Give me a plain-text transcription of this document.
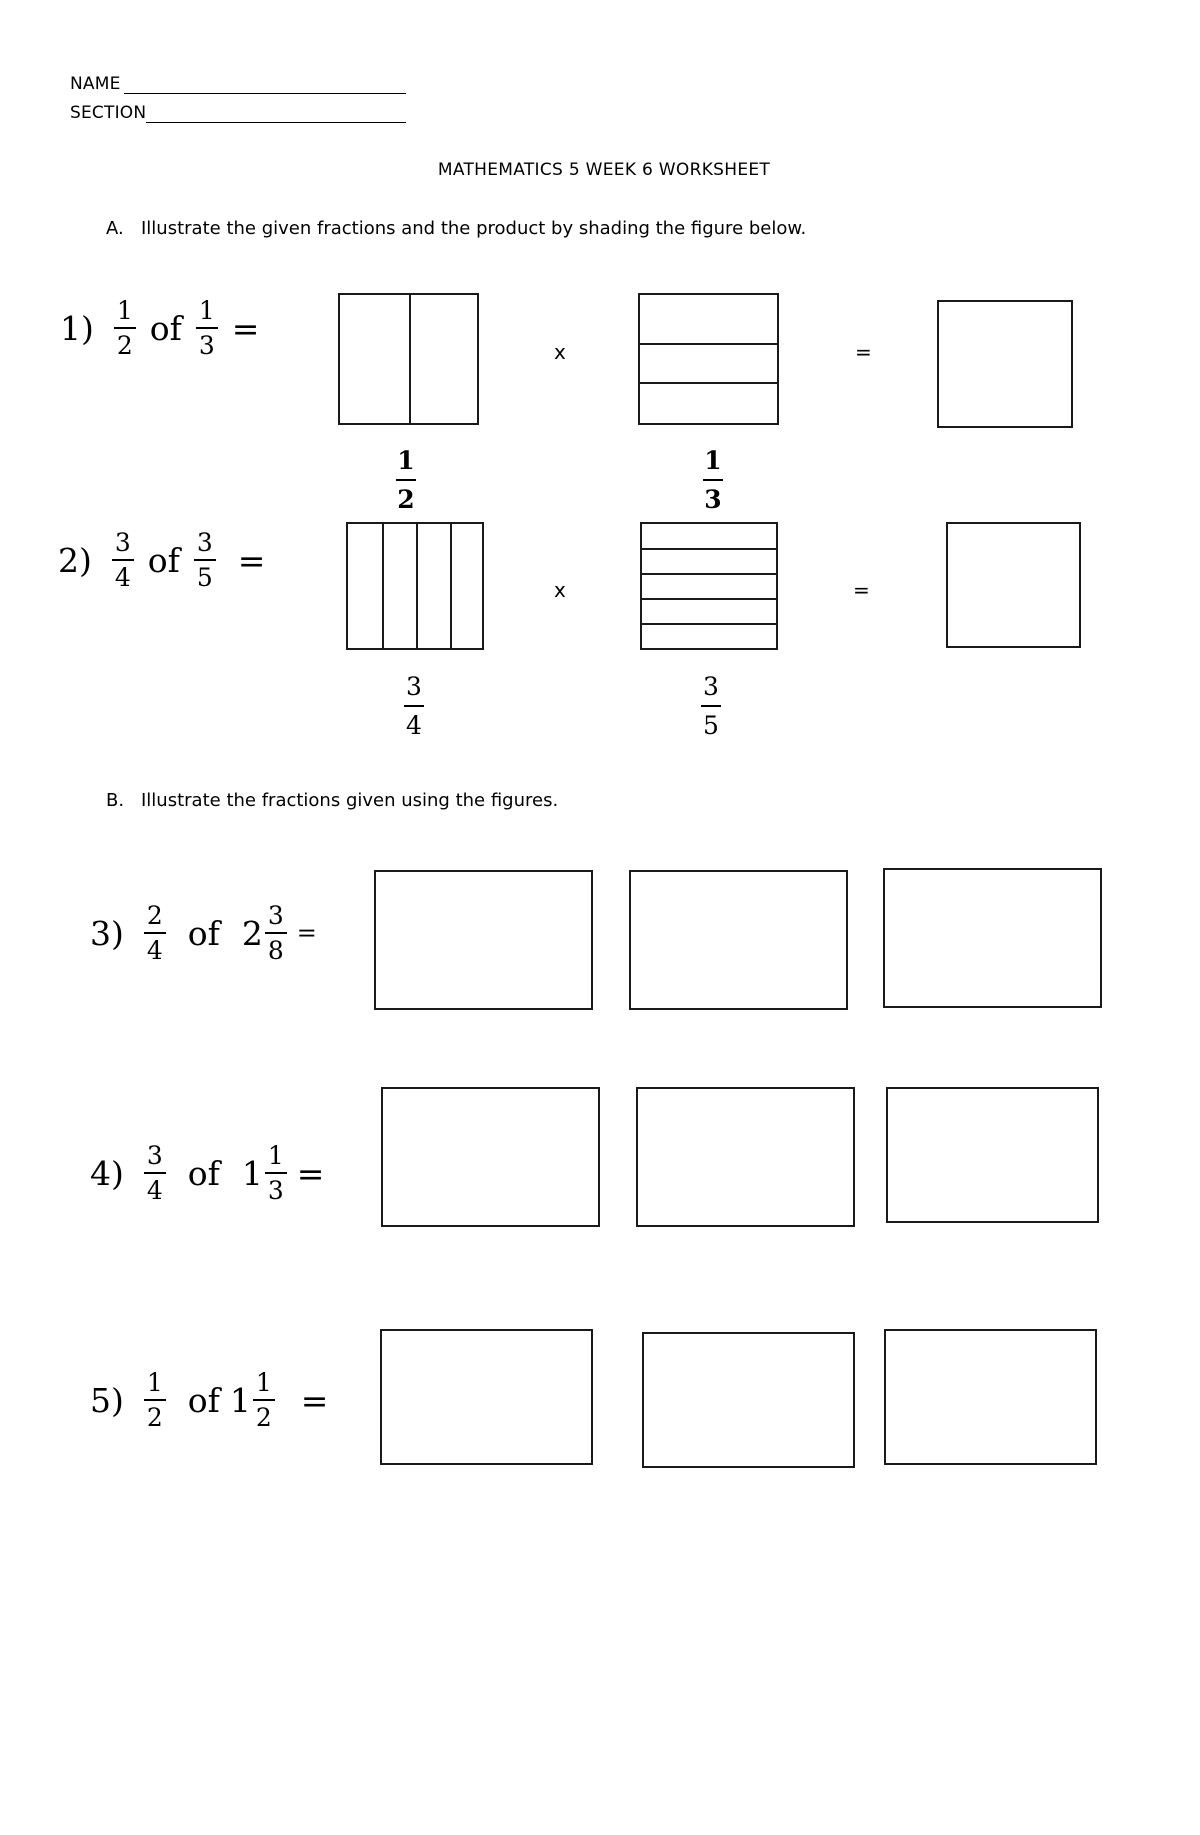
NAME
SECTION
MATHEMATICS 5 WEEK 6 WORKSHEET
A. Illustrate the given fractions and the product by shading the figure below.
$1) \frac{1}{2}$ of $\frac{1}{3}$ =
x	=
1
2
1
3
$2) \frac{3}{4}$ of $\frac{3}{5}$ =
x	=
3
4
3
5
B. Illustrate the fractions given using the figures.
$3) \frac{2}{4}$ of $2 \frac{3}{8}$ =
$4) \frac{3}{4}$ of $1 \frac{1}{3}$ =
$5) \frac{1}{2}$ of $1 \frac{1}{2}$ =
